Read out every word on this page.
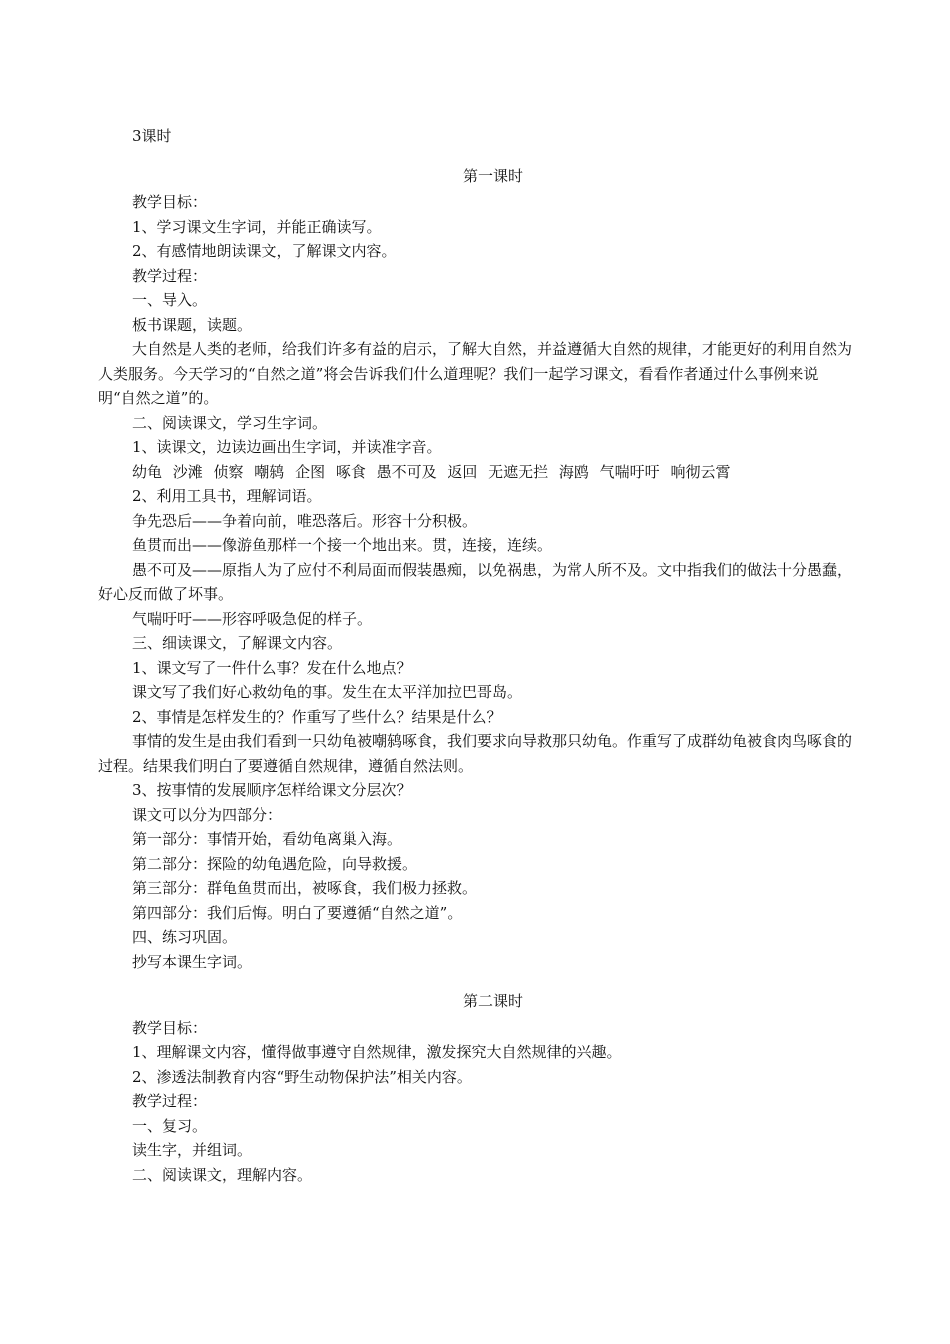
3课时

第一课时

教学目标：

1、学习课文生字词，并能正确读写。

2、有感情地朗读课文，了解课文内容。

教学过程：

一、导入。

板书课题，读题。

大自然是人类的老师，给我们许多有益的启示，了解大自然，并益遵循大自然的规律，才能更好的利用自然为人类服务。今天学习的“自然之道”将会告诉我们什么道理呢？我们一起学习课文，看看作者通过什么事例来说明“自然之道”的。

二、阅读课文，学习生字词。

1、读课文，边读边画出生字词，并读准字音。

幼龟 沙滩 侦察 嘲鸫 企图 啄食 愚不可及 返回 无遮无拦 海鸥 气喘吁吁 响彻云霄

2、利用工具书，理解词语。

争先恐后——争着向前，唯恐落后。形容十分积极。

鱼贯而出——像游鱼那样一个接一个地出来。贯，连接，连续。

愚不可及——原指人为了应付不利局面而假装愚痴，以免祸患，为常人所不及。文中指我们的做法十分愚蠢，好心反而做了坏事。

气喘吁吁——形容呼吸急促的样子。

三、细读课文，了解课文内容。

1、课文写了一件什么事？发在什么地点？

课文写了我们好心救幼龟的事。发生在太平洋加拉巴哥岛。

2、事情是怎样发生的？作重写了些什么？结果是什么？

事情的发生是由我们看到一只幼龟被嘲鸫啄食，我们要求向导救那只幼龟。作重写了成群幼龟被食肉鸟啄食的过程。结果我们明白了要遵循自然规律，遵循自然法则。

3、按事情的发展顺序怎样给课文分层次？

课文可以分为四部分：

第一部分：事情开始，看幼龟离巢入海。

第二部分：探险的幼龟遇危险，向导救援。

第三部分：群龟鱼贯而出，被啄食，我们极力拯救。

第四部分：我们后悔。明白了要遵循“自然之道”。

四、练习巩固。

抄写本课生字词。

第二课时

教学目标：

1、理解课文内容，懂得做事遵守自然规律，激发探究大自然规律的兴趣。

2、渗透法制教育内容“野生动物保护法”相关内容。

教学过程：

一、复习。

读生字，并组词。

二、阅读课文，理解内容。
